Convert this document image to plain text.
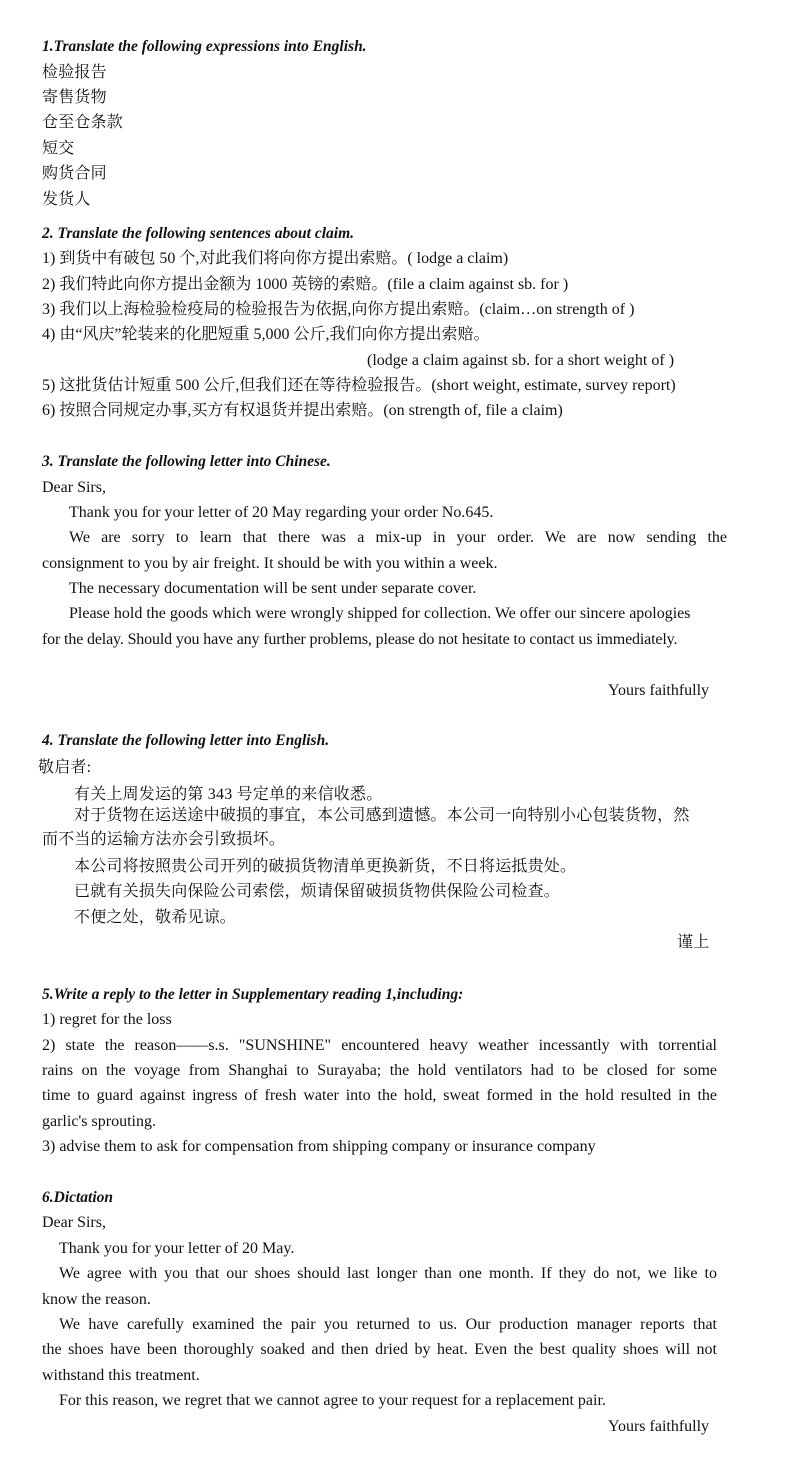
1.Translate the following expressions into English.
检验报告
寄售货物
仓至仓条款
短交
购货合同
发货人
2. Translate the following sentences about claim.
1) 到货中有破包 50 个,对此我们将向你方提出索赔。( lodge a claim)
2) 我们特此向你方提出金额为 1000 英镑的索赔。(file a claim against sb. for )
3) 我们以上海检验检疫局的检验报告为依据,向你方提出索赔。(claim…on strength of )
4) 由“风庆”轮装来的化肥短重 5,000 公斤,我们向你方提出索赔。
(lodge a claim against sb. for a short weight of )
5) 这批货估计短重 500 公斤,但我们还在等待检验报告。(short weight, estimate, survey report)
6) 按照合同规定办事,买方有权退货并提出索赔。(on strength of, file a claim)
3. Translate the following letter into Chinese.
Dear Sirs,
Thank you for your letter of 20 May regarding your order No.645.
We are sorry to learn that there was a mix-up in your order. We are now sending the
consignment to you by air freight. It should be with you within a week.
The necessary documentation will be sent under separate cover.
Please hold the goods which were wrongly shipped for collection. We offer our sincere apologies
for the delay. Should you have any further problems, please do not hesitate to contact us immediately.
Yours faithfully
4. Translate the following letter into English.
敬启者:
有关上周发运的第 343 号定单的来信收悉。
对于货物在运送途中破损的事宜，本公司感到遗憾。本公司一向特别小心包装货物，然
而不当的运输方法亦会引致损坏。
本公司将按照贵公司开列的破损货物清单更换新货，不日将运抵贵处。
已就有关损失向保险公司索偿，烦请保留破损货物供保险公司检查。
不便之处，敬希见谅。
谨上
5.Write a reply to the letter in Supplementary reading 1,including:
1) regret for the loss
2) state the reason——s.s. "SUNSHINE" encountered heavy weather incessantly with torrential
rains on the voyage from Shanghai to Surayaba; the hold ventilators had to be closed for some
time to guard against ingress of fresh water into the hold, sweat formed in the hold resulted in the
garlic's sprouting.
3) advise them to ask for compensation from shipping company or insurance company
6.Dictation
Dear Sirs,
Thank you for your letter of 20 May.
We agree with you that our shoes should last longer than one month. If they do not, we like to
know the reason.
We have carefully examined the pair you returned to us. Our production manager reports that
the shoes have been thoroughly soaked and then dried by heat. Even the best quality shoes will not
withstand this treatment.
For this reason, we regret that we cannot agree to your request for a replacement pair.
Yours faithfully
